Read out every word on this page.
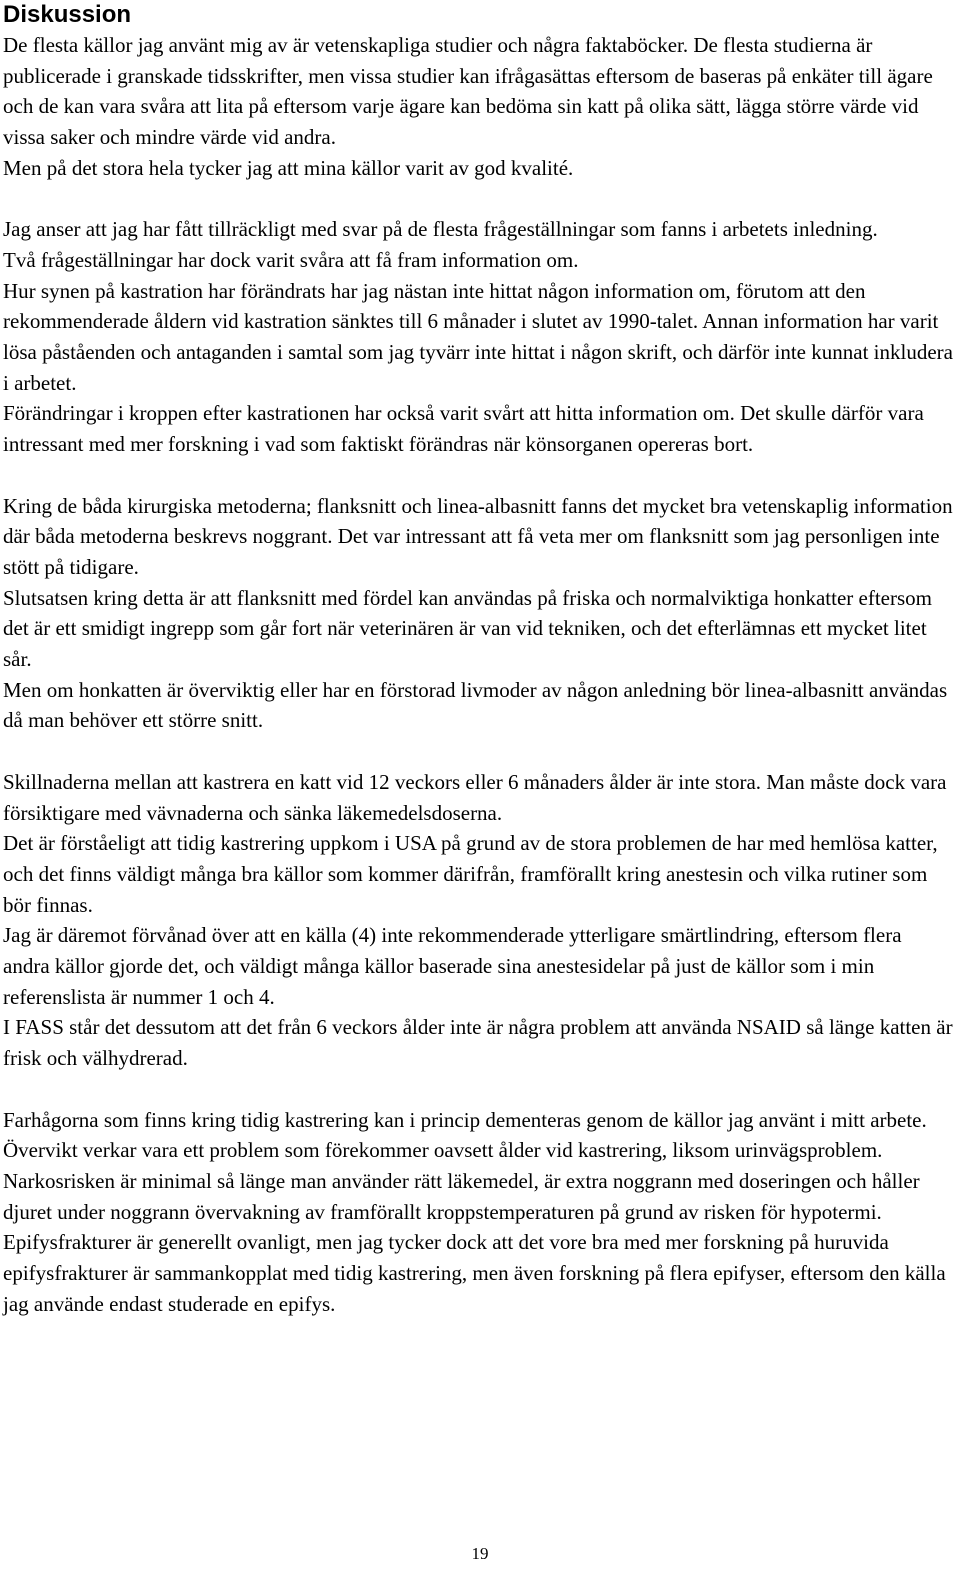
Diskussion

De flesta källor jag använt mig av är vetenskapliga studier och några faktaböcker. De flesta studierna är publicerade i granskade tidsskrifter, men vissa studier kan ifrågasättas eftersom de baseras på enkäter till ägare och de kan vara svåra att lita på eftersom varje ägare kan bedöma sin katt på olika sätt, lägga större värde vid vissa saker och mindre värde vid andra.

Men på det stora hela tycker jag att mina källor varit av god kvalité.

Jag anser att jag har fått tillräckligt med svar på de flesta frågeställningar som fanns i arbetets inledning.

Två frågeställningar har dock varit svåra att få fram information om.

Hur synen på kastration har förändrats har jag nästan inte hittat någon information om, förutom att den rekommenderade åldern vid kastration sänktes till 6 månader i slutet av 1990-talet. Annan information har varit lösa påståenden och antaganden i samtal som jag tyvärr inte hittat i någon skrift, och därför inte kunnat inkludera i arbetet.

Förändringar i kroppen efter kastrationen har också varit svårt att hitta information om. Det skulle därför vara intressant med mer forskning i vad som faktiskt förändras när könsorganen opereras bort.

Kring de båda kirurgiska metoderna; flanksnitt och linea-albasnitt fanns det mycket bra vetenskaplig information där båda metoderna beskrevs noggrant. Det var intressant att få veta mer om flanksnitt som jag personligen inte stött på tidigare.

Slutsatsen kring detta är att flanksnitt med fördel kan användas på friska och normalviktiga honkatter eftersom det är ett smidigt ingrepp som går fort när veterinären är van vid tekniken, och det efterlämnas ett mycket litet sår.

Men om honkatten är överviktig eller har en förstorad livmoder av någon anledning bör linea-albasnitt användas då man behöver ett större snitt.

Skillnaderna mellan att kastrera en katt vid 12 veckors eller 6 månaders ålder är inte stora. Man måste dock vara försiktigare med vävnaderna och sänka läkemedelsdoserna.

Det är förståeligt att tidig kastrering uppkom i USA på grund av de stora problemen de har med hemlösa katter, och det finns väldigt många bra källor som kommer därifrån, framförallt kring anestesin och vilka rutiner som bör finnas.

Jag är däremot förvånad över att en källa (4) inte rekommenderade ytterligare smärtlindring, eftersom flera andra källor gjorde det, och väldigt många källor baserade sina anestesidelar på just de källor som i min referenslista är nummer 1 och 4.

I FASS står det dessutom att det från 6 veckors ålder inte är några problem att använda NSAID så länge katten är frisk och välhydrerad.

Farhågorna som finns kring tidig kastrering kan i princip dementeras genom de källor jag använt i mitt arbete.

Övervikt verkar vara ett problem som förekommer oavsett ålder vid kastrering, liksom urinvägsproblem.

Narkosrisken är minimal så länge man använder rätt läkemedel, är extra noggrann med doseringen och håller djuret under noggrann övervakning av framförallt kroppstemperaturen på grund av risken för hypotermi.

Epifysfrakturer är generellt ovanligt, men jag tycker dock att det vore bra med mer forskning på huruvida epifysfrakturer är sammankopplat med tidig kastrering, men även forskning på flera epifyser, eftersom den källa jag använde endast studerade en epifys.

19
